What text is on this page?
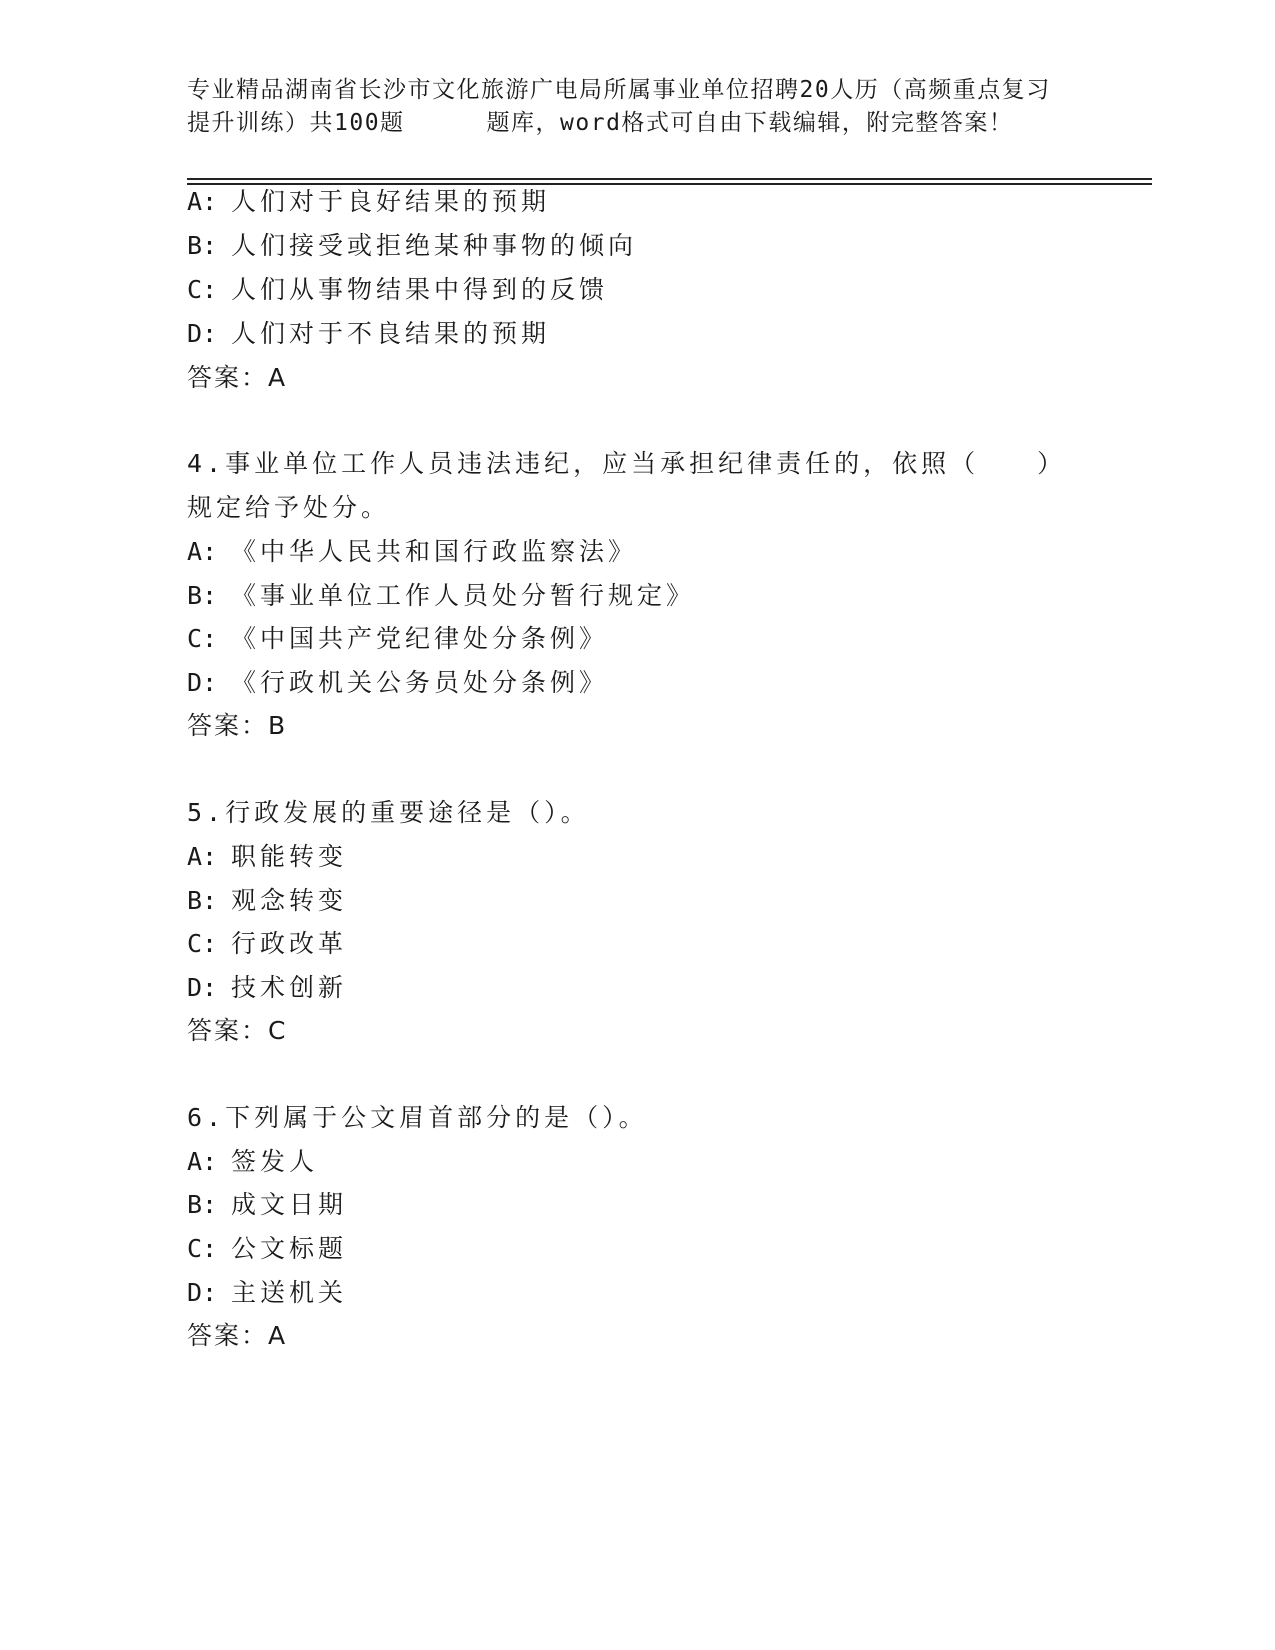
专业精品湖南省长沙市文化旅游广电局所属事业单位招聘20人历（高频重点复习
提升训练）共100题	题库，word格式可自由下载编辑，附完整答案！
A: 人们对于良好结果的预期
B: 人们接受或拒绝某种事物的倾向
C: 人们从事物结果中得到的反馈
D: 人们对于不良结果的预期
答案：A
4.事业单位工作人员违法违纪，应当承担纪律责任的，依照（　　）
规定给予处分。
A: 《中华人民共和国行政监察法》
B: 《事业单位工作人员处分暂行规定》
C: 《中国共产党纪律处分条例》
D: 《行政机关公务员处分条例》
答案：B
5.行政发展的重要途径是（）。
A: 职能转变
B: 观念转变
C: 行政改革
D: 技术创新
答案：C
6.下列属于公文眉首部分的是（）。
A: 签发人
B: 成文日期
C: 公文标题
D: 主送机关
答案：A
